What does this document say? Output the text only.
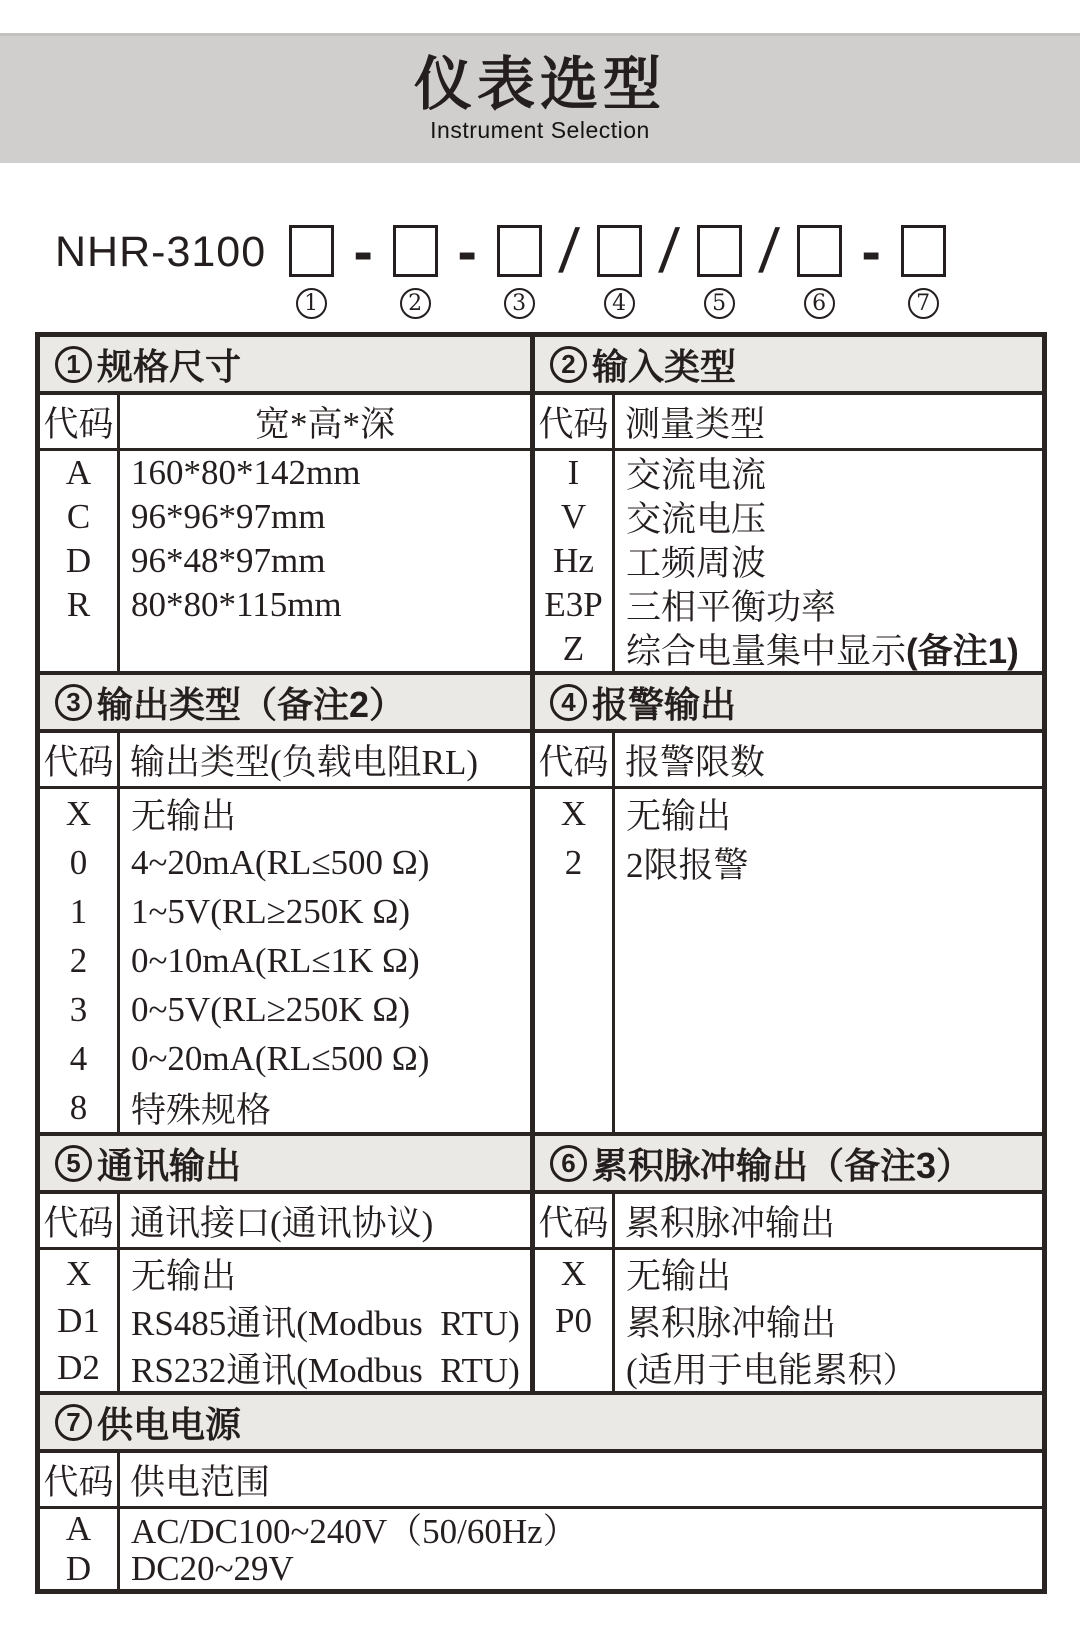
仪表选型
Instrument Selection
NHR-3100
1
-
2
-
3
/
4
/
5
/
6
-
7
1 规格尺寸
代码	宽*高*深
A
C
D
R
160*80*142mm
96*96*97mm
96*48*97mm
80*80*115mm
2 输入类型
代码 测量类型
I
V
Hz
E3P
Z
交流电流
交流电压
工频周波
三相平衡功率
综合电量集中显示 (备注1)
3 输出类型（备注2）
代码 输出类型(负载电阻RL)
X
0
1
2
3
4
8
无输出
4~20mA(RL≤500 Ω)
1~5V(RL≥250K Ω)
0~10mA(RL≤1K Ω)
0~5V(RL≥250K Ω)
0~20mA(RL≤500 Ω)
特殊规格
4 报警输出
代码 报警限数
X
2
无输出
2限报警
5 通讯输出
代码 通讯接口(通讯协议)
X
D1
D2
无输出
RS485通讯(Modbus  RTU)
RS232通讯(Modbus  RTU)
6 累积脉冲输出（备注3）
代码 累积脉冲输出
X
P0
无输出
累积脉冲输出
(适用于电能累积）
7 供电电源
代码 供电范围
A
D
AC/DC100~240V（50/60Hz）
DC20~29V
